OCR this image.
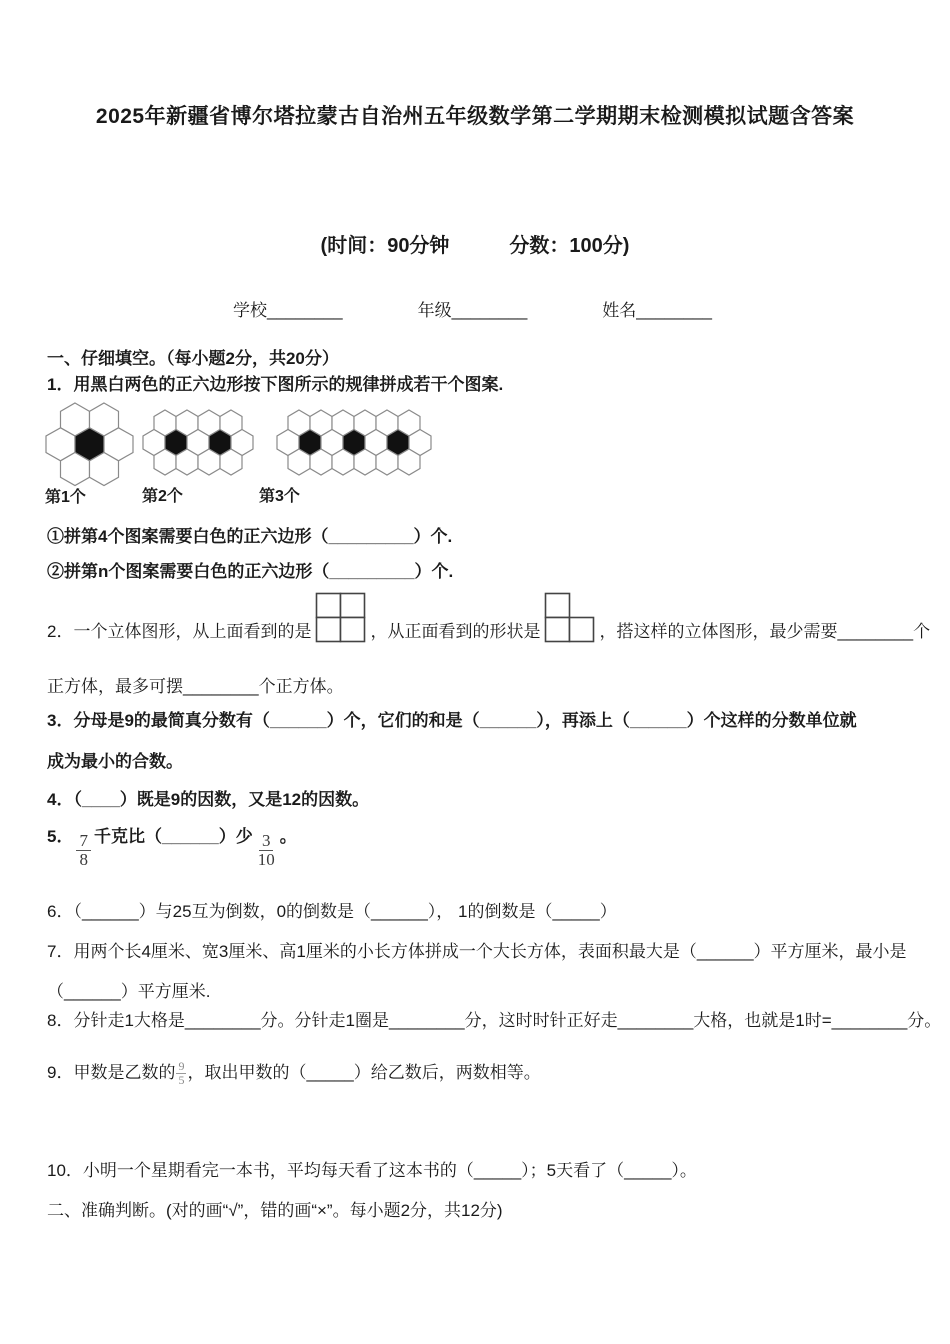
2025年新疆省博尔塔拉蒙古自治州五年级数学第二学期期末检测模拟试题含答案
(时间：90分钟　　　分数：100分)
学校________	年级________	姓名________
一、仔细填空。（每小题2分，共20分）
1．用黑白两色的正六边形按下图所示的规律拼成若干个图案.
第1个	第2个	第3个
①拼第4个图案需要白色的正六边形（_________）个.
②拼第n个图案需要白色的正六边形（_________）个.
2．一个立体图形，从上面看到的是	，从正面看到的形状是	，搭这样的立体图形，最少需要________个
正方体，最多可摆________个正方体。
3．分母是9的最简真分数有（______）个，它们的和是（______），再添上（______）个这样的分数单位就
成为最小的合数。
4．（____）既是9的因数，又是12的因数。
5． $\frac{7}{8}$ 千克比（______）少 $\frac{3}{10}$ 。
6．（______）与25互为倒数，0的倒数是（______）， 1的倒数是（_____）
7．用两个长4厘米、宽3厘米、高1厘米的小长方体拼成一个大长方体，表面积最大是（______）平方厘米，最小是
（______）平方厘米.
8．分针走1大格是________分。分针走1圈是________分，这时时针正好走________大格，也就是1时=________分。
9．甲数是乙数的 $\frac{9}{5}$ ，取出甲数的（_____）给乙数后，两数相等。
10．小明一个星期看完一本书，平均每天看了这本书的（_____）；5天看了（_____）。
二、准确判断。(对的画“√”，错的画“×”。每小题2分，共12分)
